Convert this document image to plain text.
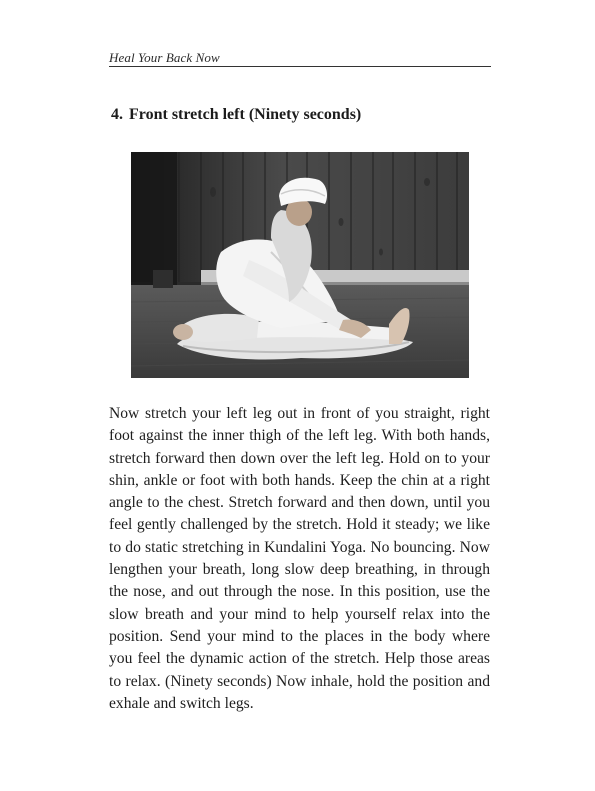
Heal Your Back Now
4. Front stretch left (Ninety seconds)
Now stretch your left leg out in front of you straight, right foot against the inner thigh of the left leg. With both hands, stretch forward then down over the left leg. Hold on to your shin, ankle or foot with both hands. Keep the chin at a right angle to the chest. Stretch forward and then down, until you feel gently challenged by the stretch. Hold it steady; we like to do static stretching in Kundalini Yoga. No bouncing. Now lengthen your breath, long slow deep breathing, in through the nose, and out through the nose. In this position, use the slow breath and your mind to help yourself relax into the position. Send your mind to the places in the body where you feel the dynamic action of the stretch. Help those areas to relax. (Ninety seconds) Now inhale, hold the position and exhale and switch legs.
